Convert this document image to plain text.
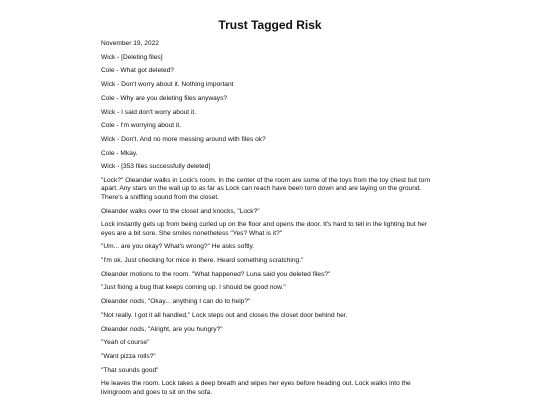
Trust Tagged Risk

November 19, 2022

Wick - [Deleting files]

Cole - What got deleted?

Wick - Don't worry about it. Nothing important

Cole - Why are you deleting files anyways?

Wick - I said don't worry about it.

Cole - I'm worrying about it.

Wick - Don't. And no more messing around with files ok?

Cole - Mkay.

Wick - [353 files successfully deleted]

"Lock?" Oleander walks in Lock's room. In the center of the room are some of the toys from the toy chest but torn apart. Any stars on the wall up to as far as Lock can reach have been torn down and are laying on the ground. There's a sniffling sound from the closet.

Oleander walks over to the closet and knocks, "Lock?"

Lock instantly gets up from being curled up on the floor and opens the door. It's hard to tell in the lighting but her eyes are a bit sore. She smiles nonetheless "Yes? What is it?"

"Um... are you okay? What's wrong?" He asks softly.

"I'm ok. Just checking for mice in there. Heard something scratching."

Oleander motions to the room. "What happened? Luna said you deleted files?"

"Just fixing a bug that keeps coming up. I should be good now."

Oleander nods, "Okay... anything I can do to help?"

"Not really. I got it all handled," Lock steps out and closes the closet door behind her.

Oleander nods, "Alright, are you hungry?"

"Yeah of course"

"Want pizza rolls?"

"That sounds good"

He leaves the room. Lock takes a deep breath and wipes her eyes before heading out. Lock walks into the livingroom and goes to sit on the sofa.
